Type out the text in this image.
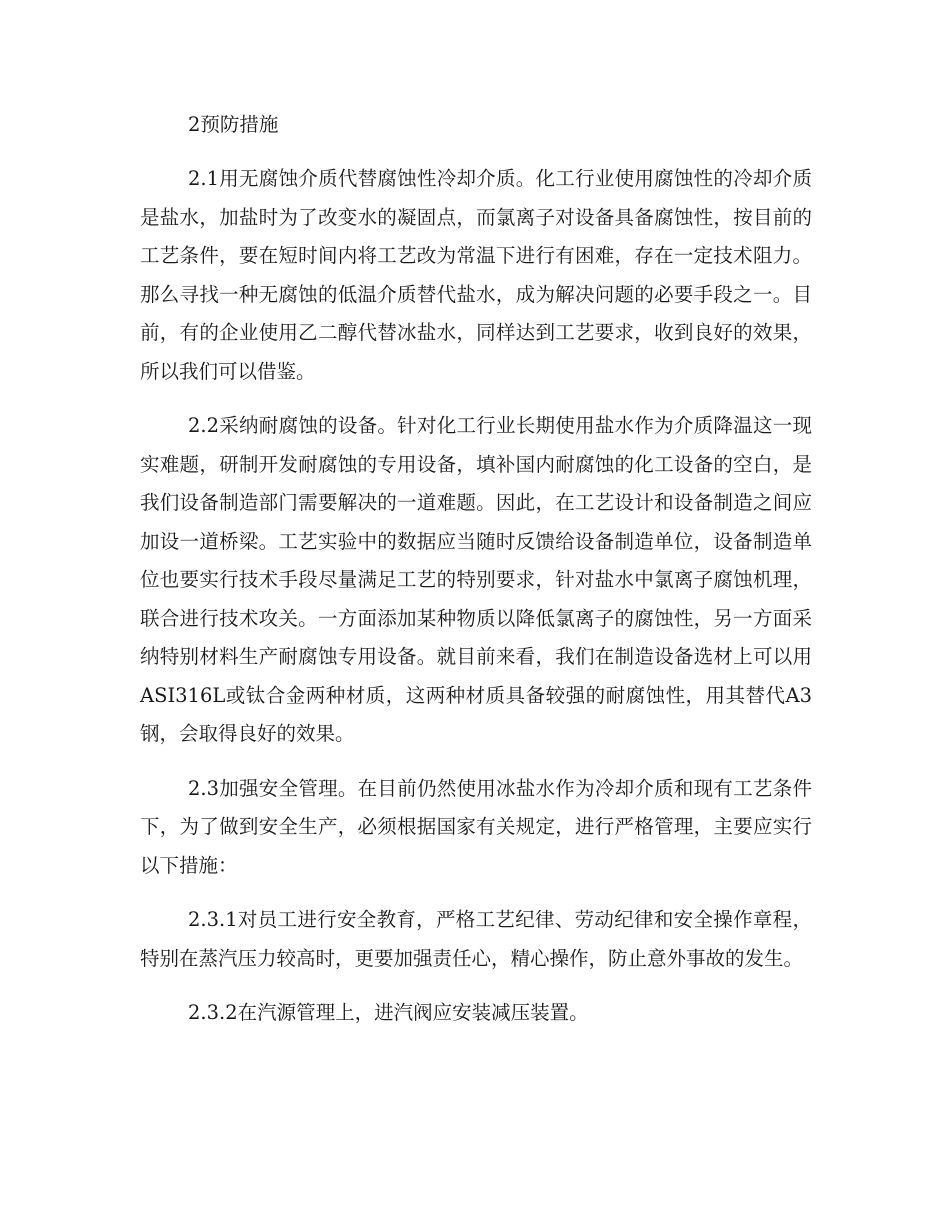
2预防措施

2.1用无腐蚀介质代替腐蚀性冷却介质。化工行业使用腐蚀性的冷却介质是盐水，加盐时为了改变水的凝固点，而氯离子对设备具备腐蚀性，按目前的工艺条件，要在短时间内将工艺改为常温下进行有困难，存在一定技术阻力。那么寻找一种无腐蚀的低温介质替代盐水，成为解决问题的必要手段之一。目前，有的企业使用乙二醇代替冰盐水，同样达到工艺要求，收到良好的效果，所以我们可以借鉴。

2.2采纳耐腐蚀的设备。针对化工行业长期使用盐水作为介质降温这一现实难题，研制开发耐腐蚀的专用设备，填补国内耐腐蚀的化工设备的空白，是我们设备制造部门需要解决的一道难题。因此，在工艺设计和设备制造之间应加设一道桥梁。工艺实验中的数据应当随时反馈给设备制造单位，设备制造单位也要实行技术手段尽量满足工艺的特别要求，针对盐水中氯离子腐蚀机理，联合进行技术攻关。一方面添加某种物质以降低氯离子的腐蚀性，另一方面采纳特别材料生产耐腐蚀专用设备。就目前来看，我们在制造设备选材上可以用ASI316L或钛合金两种材质，这两种材质具备较强的耐腐蚀性，用其替代A3钢，会取得良好的效果。

2.3加强安全管理。在目前仍然使用冰盐水作为冷却介质和现有工艺条件下，为了做到安全生产，必须根据国家有关规定，进行严格管理，主要应实行以下措施：

2.3.1对员工进行安全教育，严格工艺纪律、劳动纪律和安全操作章程，特别在蒸汽压力较高时，更要加强责任心，精心操作，防止意外事故的发生。

2.3.2在汽源管理上，进汽阀应安装减压装置。
